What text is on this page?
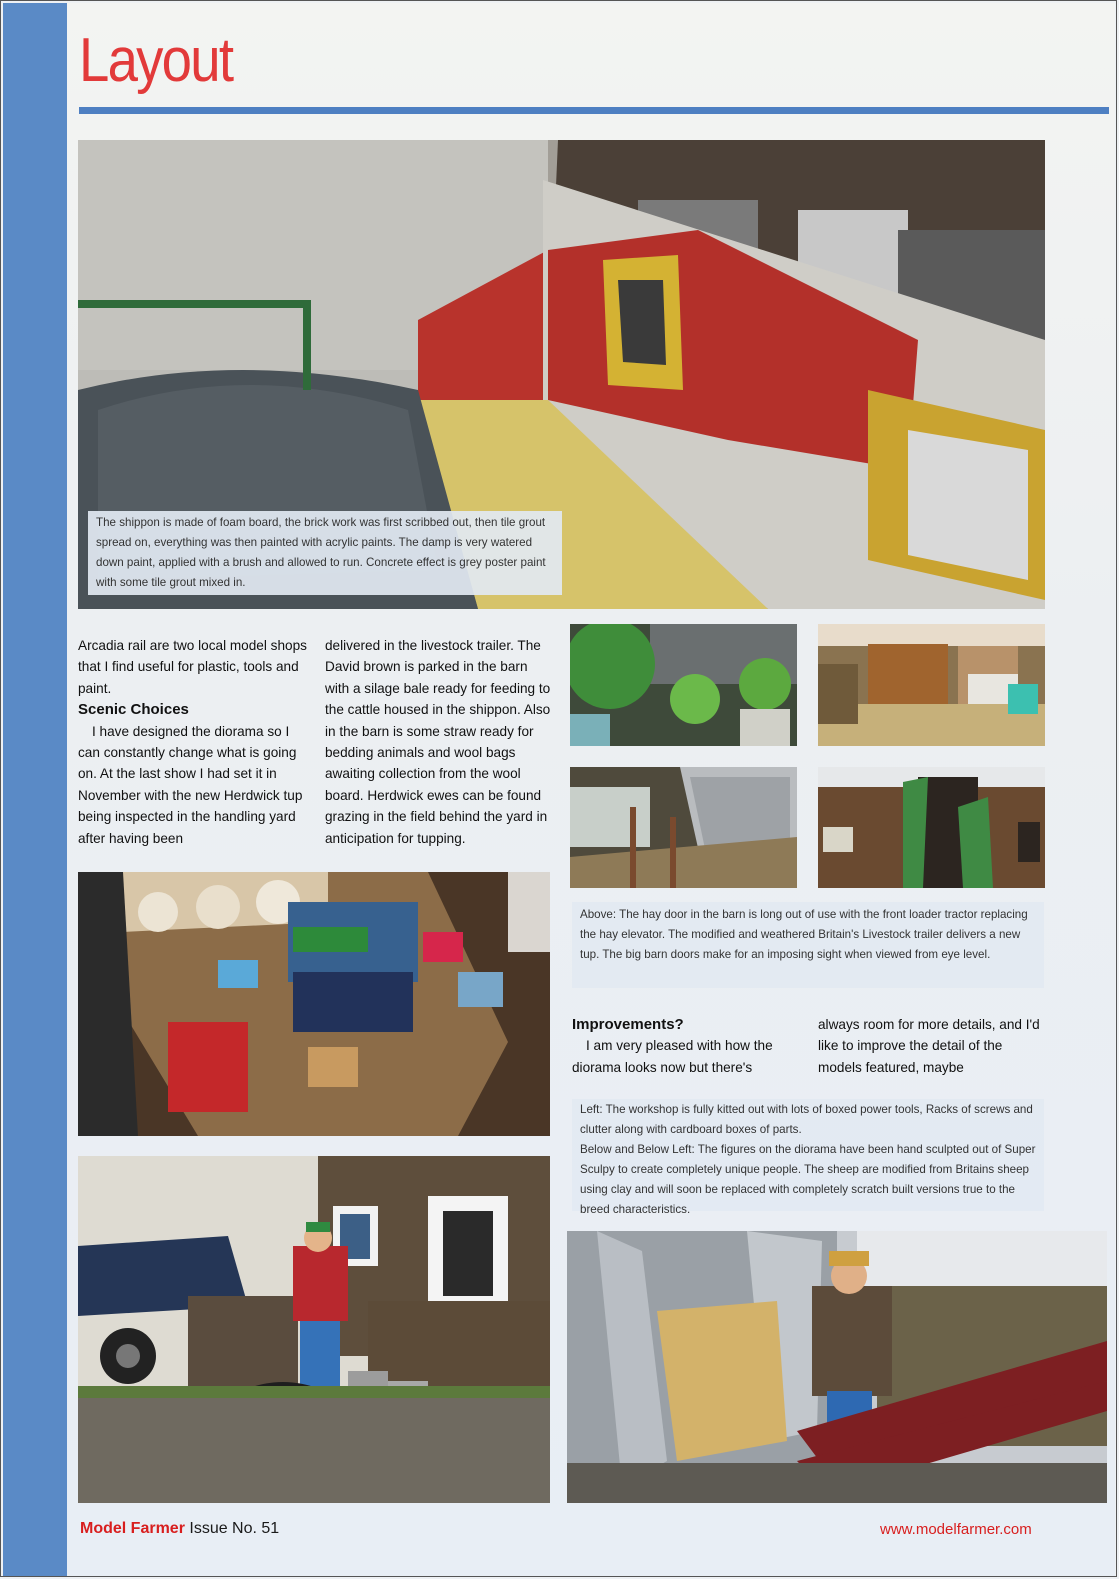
Layout
The shippon is made of foam board, the brick work was first scribbed out, then tile grout spread on, everything was then painted with acrylic paints. The damp is very watered down paint, applied with a brush and allowed to run. Concrete effect is grey poster paint with some tile grout mixed in.

Arcadia rail are two local model shops that I find useful for plastic, tools and paint.

Scenic Choices

I have designed the diorama so I can constantly change what is going on. At the last show I had set it in November with the new Herdwick tup being inspected in the handling yard after having been

delivered in the livestock trailer. The David brown is parked in the barn with a silage bale ready for feeding to the cattle housed in the shippon. Also in the barn is some straw ready for bedding animals and wool bags awaiting collection from the wool board. Herdwick ewes can be found grazing in the field behind the yard in anticipation for tupping.

Above: The hay door in the barn is long out of use with the front loader tractor replacing the hay elevator. The modified and weathered Britain's Livestock trailer delivers a new tup. The big barn doors make for an imposing sight when viewed from eye level.

Improvements?

I am very pleased with how the diorama looks now but there's

always room for more details, and I'd like to improve the detail of the models featured, maybe

Left: The workshop is fully kitted out with lots of boxed power tools, Racks of screws and clutter along with cardboard boxes of parts.
Below and Below Left: The figures on the diorama have been hand sculpted out of Super Sculpy to create completely unique people. The sheep are modified from Britains sheep using clay and will soon be replaced with completely scratch built versions true to the breed characteristics.
Model Farmer Issue No. 51	www.modelfarmer.com
